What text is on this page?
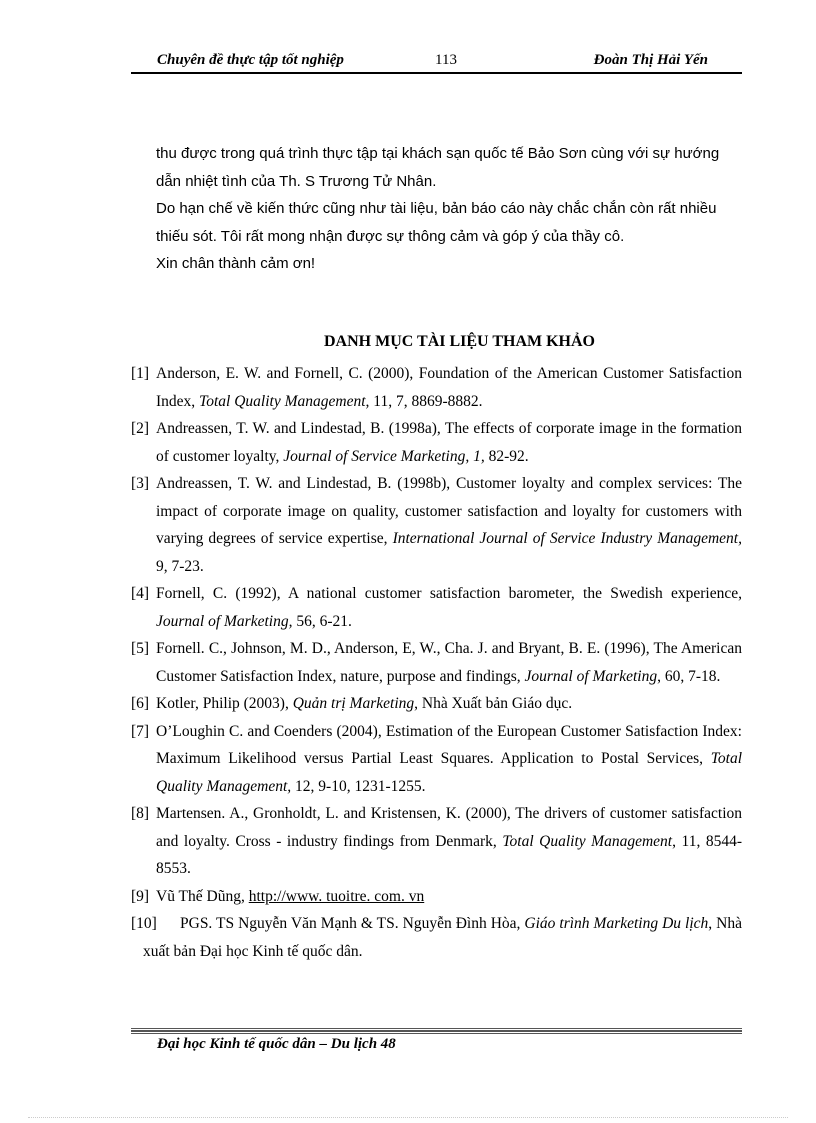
Chuyên đề thực tập tốt nghiệp	113	Đoàn Thị Hải Yến

thu được trong quá trình thực tập tại khách sạn quốc tế Bảo Sơn cùng với sự hướng

dẫn nhiệt tình của Th. S Trương Tử Nhân.

Do hạn chế về kiến thức cũng như tài liệu, bản báo cáo này chắc chắn còn rất nhiều

thiếu sót. Tôi rất mong nhận được sự thông cảm và góp ý của thầy cô.

Xin chân thành cảm ơn!

DANH MỤC TÀI LIỆU THAM KHẢO
[1] Anderson, E. W. and Fornell, C. (2000), Foundation of the American Customer Satisfaction Index, Total Quality Management, 11, 7, 8869-8882.
[2] Andreassen, T. W. and Lindestad, B. (1998a), The effects of corporate image in the formation of customer loyalty, Journal of Service Marketing, 1, 82-92.
[3] Andreassen, T. W. and Lindestad, B. (1998b), Customer loyalty and complex services: The impact of corporate image on quality, customer satisfaction and loyalty for customers with varying degrees of service expertise, International Journal of Service Industry Management, 9, 7-23.
[4] Fornell, C. (1992), A national customer satisfaction barometer, the Swedish experience, Journal of Marketing, 56, 6-21.
[5] Fornell. C., Johnson, M. D., Anderson, E, W., Cha. J. and Bryant, B. E. (1996), The American Customer Satisfaction Index, nature, purpose and findings, Journal of Marketing, 60, 7-18.
[6] Kotler, Philip (2003), Quản trị Marketing, Nhà Xuất bản Giáo dục.
[7] O’Loughin C. and Coenders (2004), Estimation of the European Customer Satisfaction Index: Maximum Likelihood versus Partial Least Squares. Application to Postal Services, Total Quality Management, 12, 9-10, 1231-1255.
[8] Martensen. A., Gronholdt, L. and Kristensen, K. (2000), The drivers of customer satisfaction and loyalty. Cross - industry findings from Denmark, Total Quality Management, 11, 8544-8553.
[9] Vũ Thế Dũng, http://www. tuoitre. com. vn
[10]	PGS. TS Nguyễn Văn Mạnh & TS. Nguyễn Đình Hòa, Giáo trình Marketing Du lịch, Nhà xuất bản Đại học Kinh tế quốc dân.
Đại học Kinh tế quốc dân – Du lịch 48
